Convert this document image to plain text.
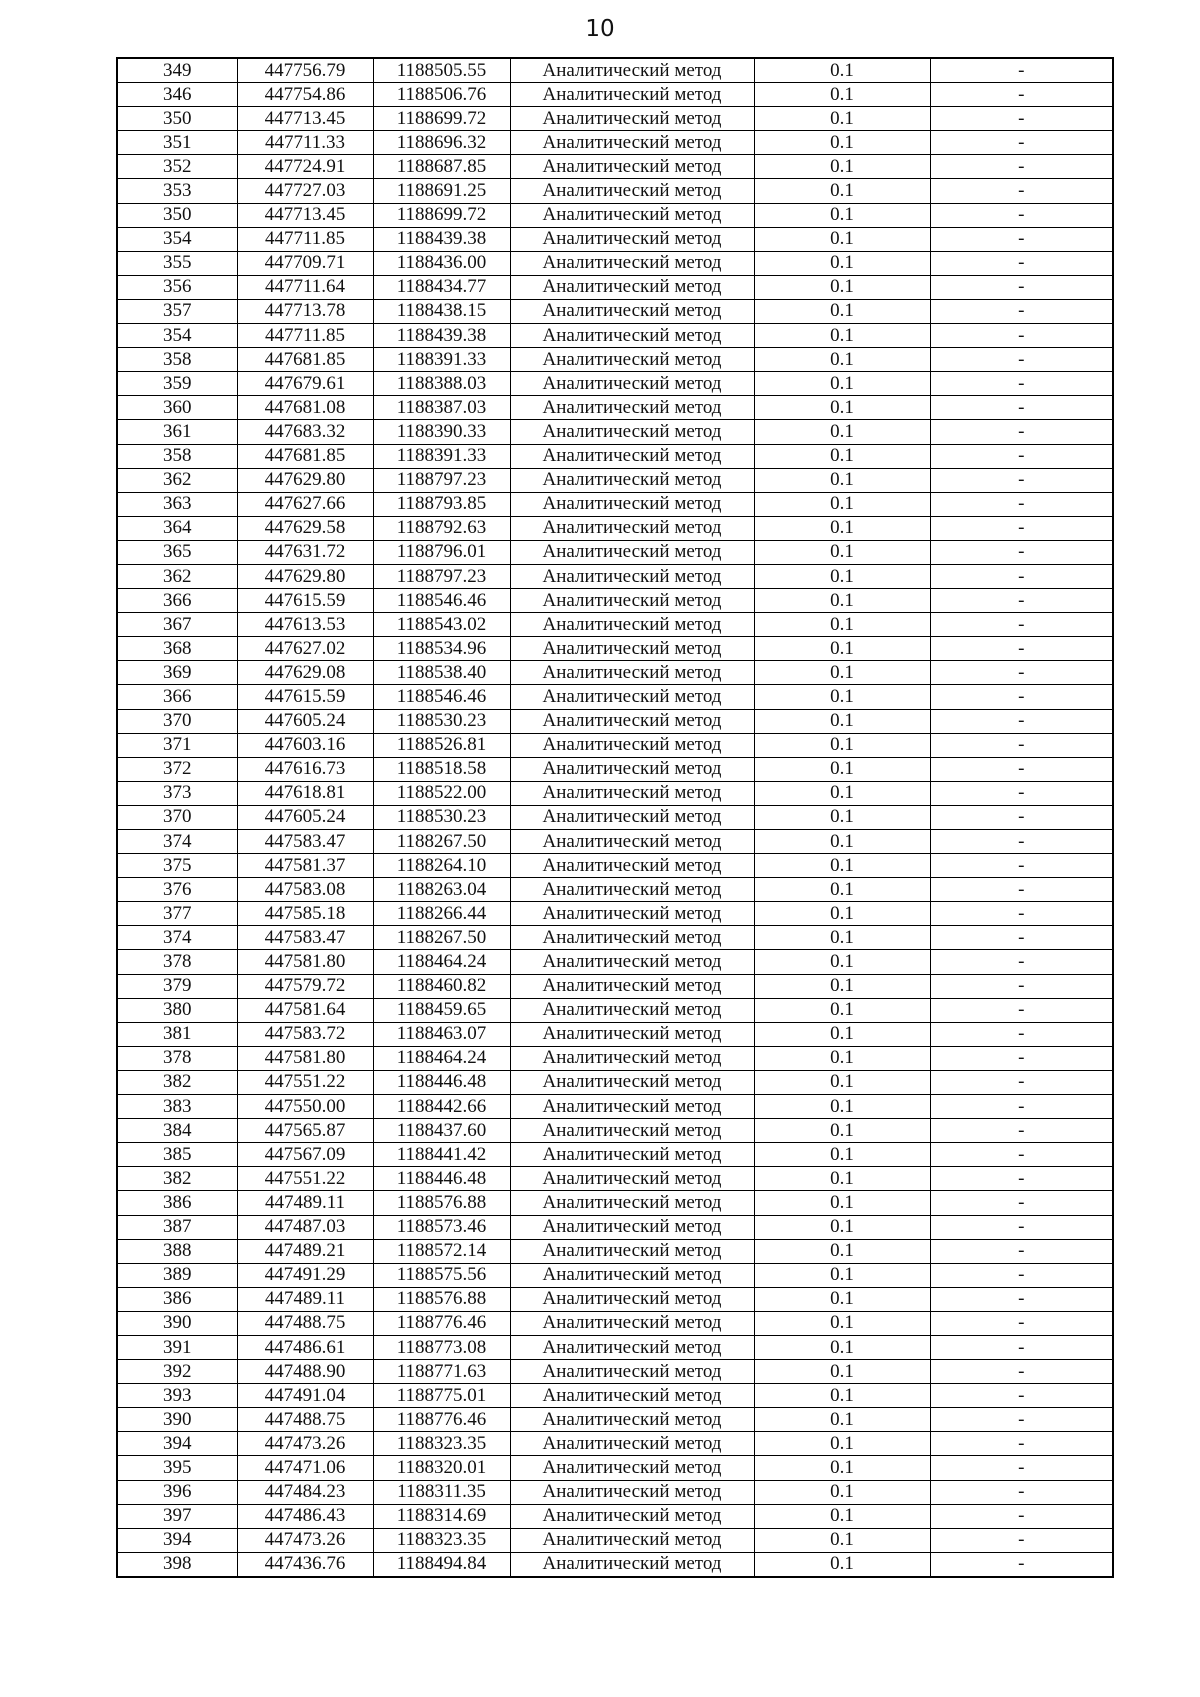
10
349	447756.79	1188505.55	Аналитический метод	0.1	-
346	447754.86	1188506.76	Аналитический метод	0.1	-
350	447713.45	1188699.72	Аналитический метод	0.1	-
351	447711.33	1188696.32	Аналитический метод	0.1	-
352	447724.91	1188687.85	Аналитический метод	0.1	-
353	447727.03	1188691.25	Аналитический метод	0.1	-
350	447713.45	1188699.72	Аналитический метод	0.1	-
354	447711.85	1188439.38	Аналитический метод	0.1	-
355	447709.71	1188436.00	Аналитический метод	0.1	-
356	447711.64	1188434.77	Аналитический метод	0.1	-
357	447713.78	1188438.15	Аналитический метод	0.1	-
354	447711.85	1188439.38	Аналитический метод	0.1	-
358	447681.85	1188391.33	Аналитический метод	0.1	-
359	447679.61	1188388.03	Аналитический метод	0.1	-
360	447681.08	1188387.03	Аналитический метод	0.1	-
361	447683.32	1188390.33	Аналитический метод	0.1	-
358	447681.85	1188391.33	Аналитический метод	0.1	-
362	447629.80	1188797.23	Аналитический метод	0.1	-
363	447627.66	1188793.85	Аналитический метод	0.1	-
364	447629.58	1188792.63	Аналитический метод	0.1	-
365	447631.72	1188796.01	Аналитический метод	0.1	-
362	447629.80	1188797.23	Аналитический метод	0.1	-
366	447615.59	1188546.46	Аналитический метод	0.1	-
367	447613.53	1188543.02	Аналитический метод	0.1	-
368	447627.02	1188534.96	Аналитический метод	0.1	-
369	447629.08	1188538.40	Аналитический метод	0.1	-
366	447615.59	1188546.46	Аналитический метод	0.1	-
370	447605.24	1188530.23	Аналитический метод	0.1	-
371	447603.16	1188526.81	Аналитический метод	0.1	-
372	447616.73	1188518.58	Аналитический метод	0.1	-
373	447618.81	1188522.00	Аналитический метод	0.1	-
370	447605.24	1188530.23	Аналитический метод	0.1	-
374	447583.47	1188267.50	Аналитический метод	0.1	-
375	447581.37	1188264.10	Аналитический метод	0.1	-
376	447583.08	1188263.04	Аналитический метод	0.1	-
377	447585.18	1188266.44	Аналитический метод	0.1	-
374	447583.47	1188267.50	Аналитический метод	0.1	-
378	447581.80	1188464.24	Аналитический метод	0.1	-
379	447579.72	1188460.82	Аналитический метод	0.1	-
380	447581.64	1188459.65	Аналитический метод	0.1	-
381	447583.72	1188463.07	Аналитический метод	0.1	-
378	447581.80	1188464.24	Аналитический метод	0.1	-
382	447551.22	1188446.48	Аналитический метод	0.1	-
383	447550.00	1188442.66	Аналитический метод	0.1	-
384	447565.87	1188437.60	Аналитический метод	0.1	-
385	447567.09	1188441.42	Аналитический метод	0.1	-
382	447551.22	1188446.48	Аналитический метод	0.1	-
386	447489.11	1188576.88	Аналитический метод	0.1	-
387	447487.03	1188573.46	Аналитический метод	0.1	-
388	447489.21	1188572.14	Аналитический метод	0.1	-
389	447491.29	1188575.56	Аналитический метод	0.1	-
386	447489.11	1188576.88	Аналитический метод	0.1	-
390	447488.75	1188776.46	Аналитический метод	0.1	-
391	447486.61	1188773.08	Аналитический метод	0.1	-
392	447488.90	1188771.63	Аналитический метод	0.1	-
393	447491.04	1188775.01	Аналитический метод	0.1	-
390	447488.75	1188776.46	Аналитический метод	0.1	-
394	447473.26	1188323.35	Аналитический метод	0.1	-
395	447471.06	1188320.01	Аналитический метод	0.1	-
396	447484.23	1188311.35	Аналитический метод	0.1	-
397	447486.43	1188314.69	Аналитический метод	0.1	-
394	447473.26	1188323.35	Аналитический метод	0.1	-
398	447436.76	1188494.84	Аналитический метод	0.1	-
